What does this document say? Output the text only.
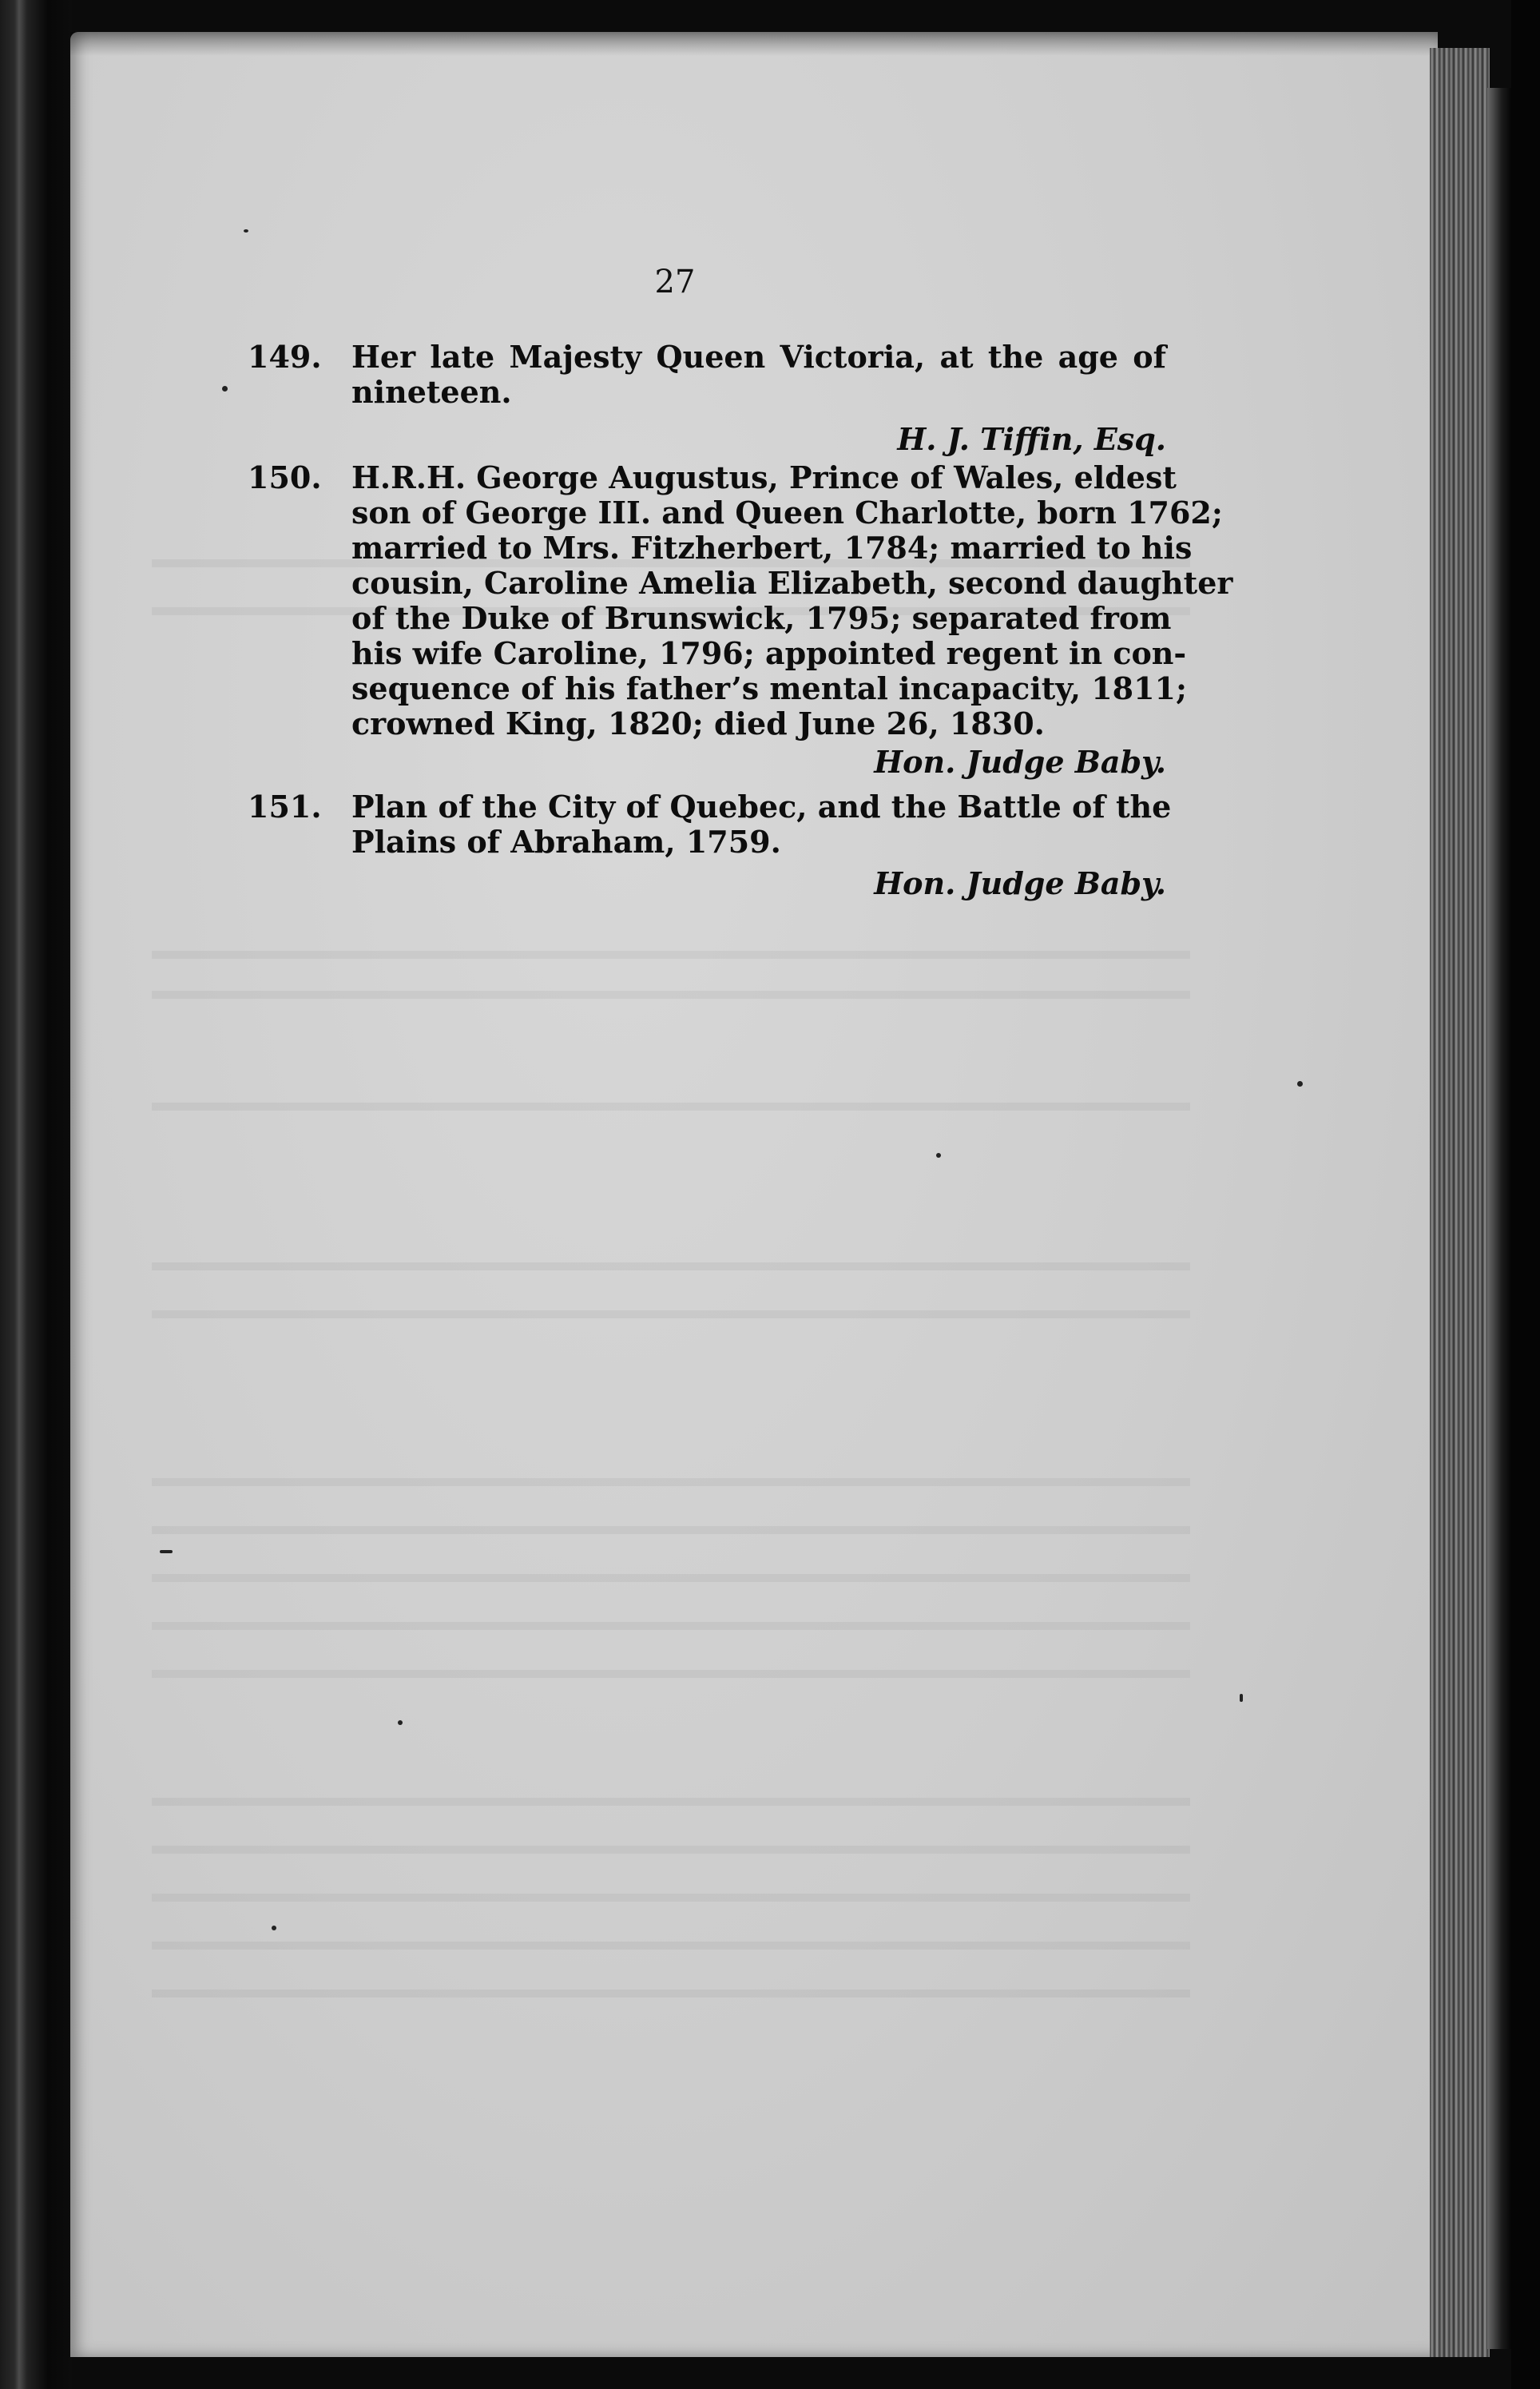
27
149. Her late Majesty Queen Victoria, at the age of
nineteen.
H. J. Tiffin, Esq.
150. H.R.H. George Augustus, Prince of Wales, eldest
son of George III. and Queen Charlotte, born 1762;
married to Mrs. Fitzherbert, 1784; married to his
cousin, Caroline Amelia Elizabeth, second daughter
of the Duke of Brunswick, 1795; separated from
his wife Caroline, 1796; appointed regent in con-
sequence of his father’s mental incapacity, 1811;
crowned King, 1820; died June 26, 1830.
Hon. Judge Baby.
151. Plan of the City of Quebec, and the Battle of the
Plains of Abraham, 1759.
Hon. Judge Baby.
